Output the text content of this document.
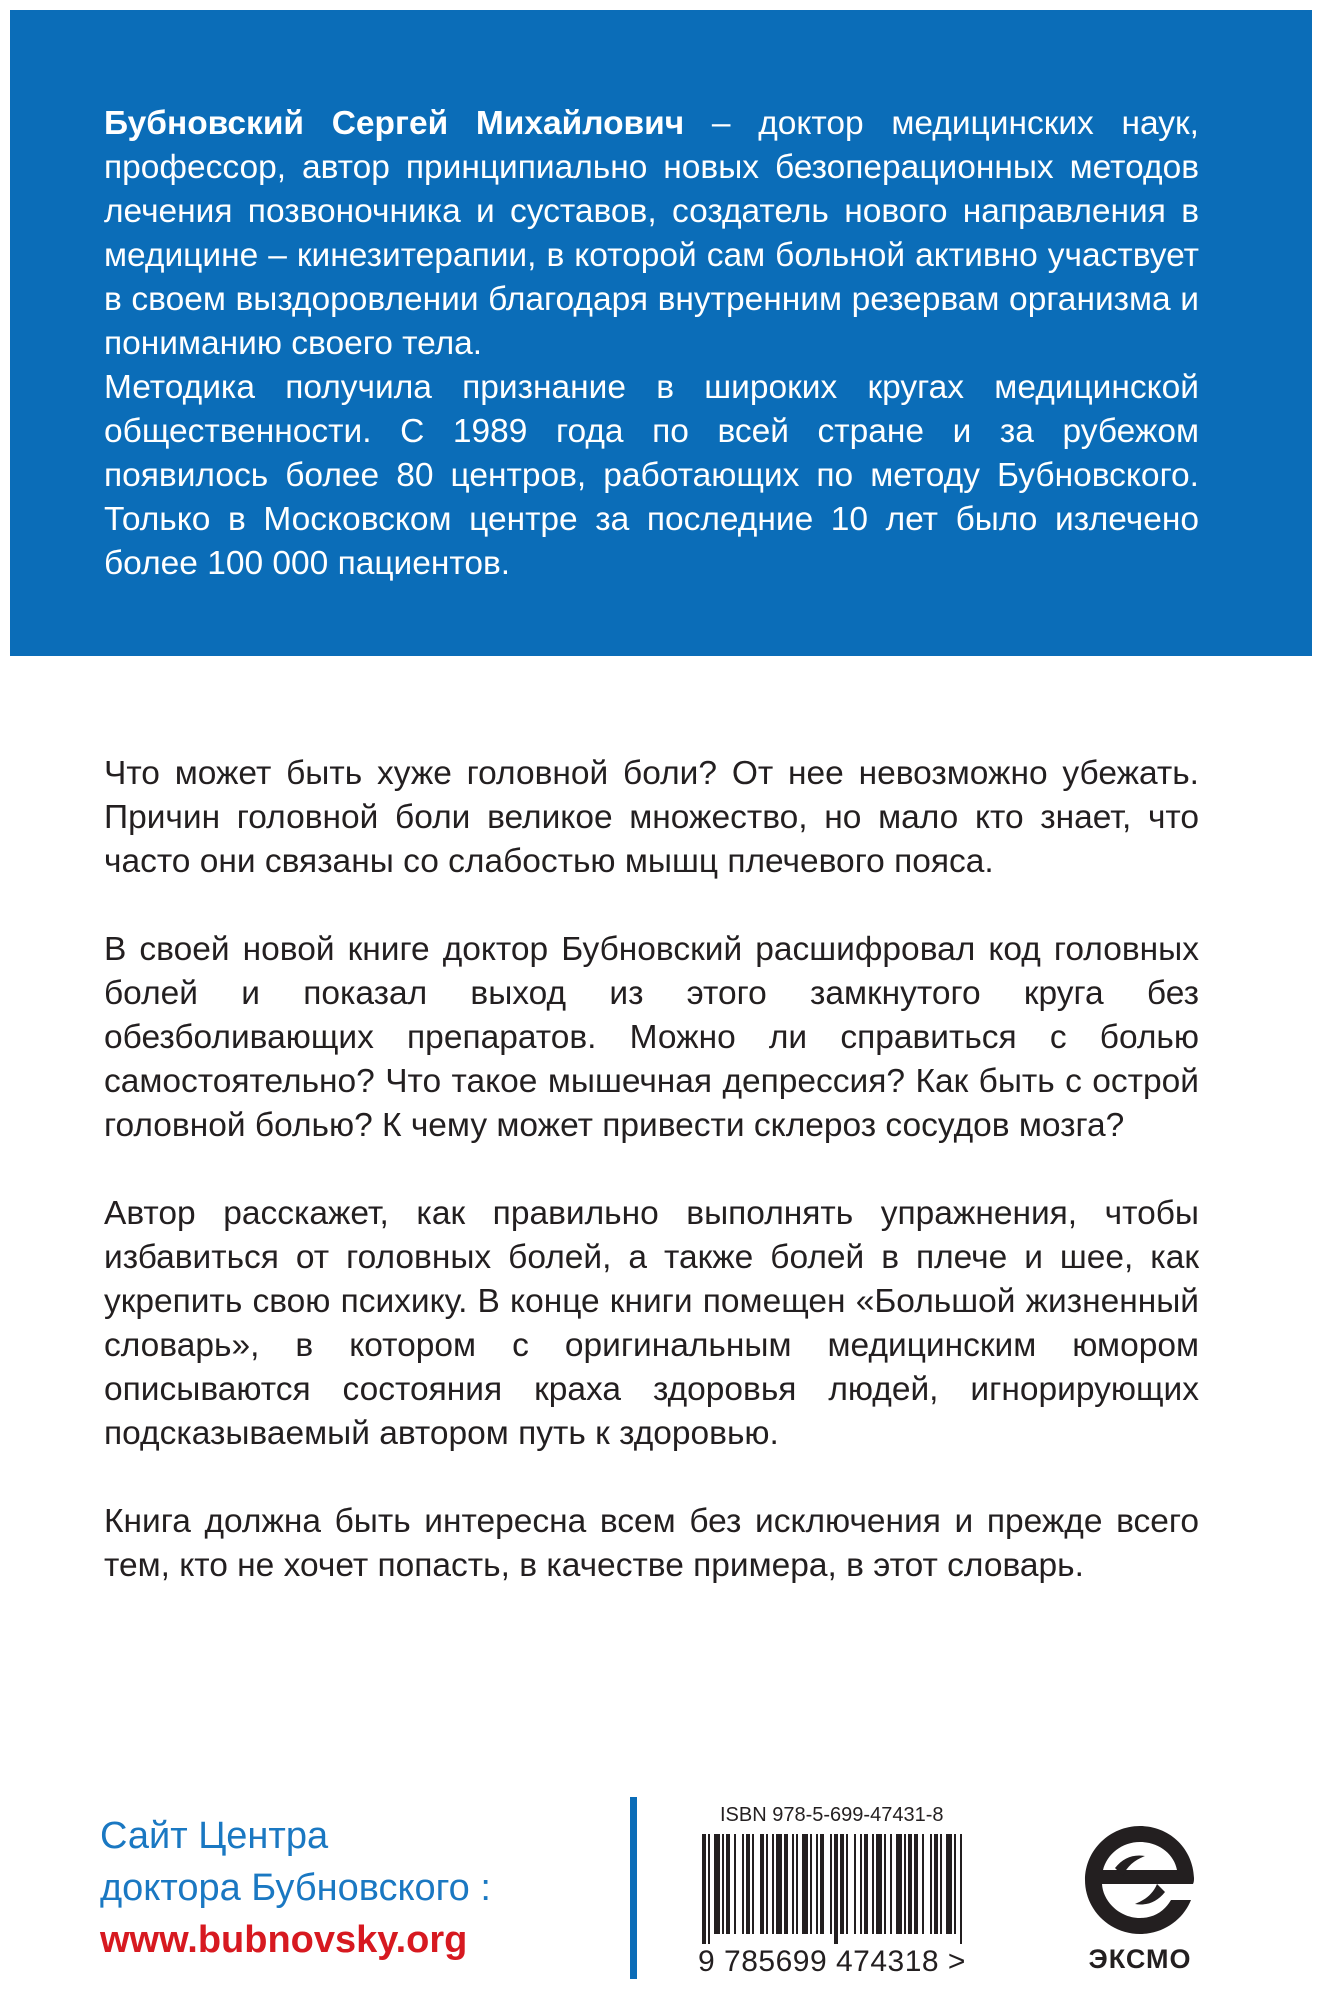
Бубновский Сергей Михайлович – доктор медицинских наук, профессор, автор принципиально новых безоперационных методов лечения позвоночника и суставов, создатель нового направления в медицине – кинезитерапии, в которой сам больной активно участвует в своем выздоровлении благодаря внутренним резервам организма и пониманию своего тела.

Методика получила признание в широких кругах медицинской общественности. С 1989 года по всей стране и за рубежом появилось более 80 центров, работающих по методу Бубновского. Только в Московском центре за последние 10 лет было излечено более 100 000 пациентов.

Что может быть хуже головной боли? От нее невозможно убежать. Причин головной боли великое множество, но мало кто знает, что часто они связаны со слабостью мышц плечевого пояса.

В своей новой книге доктор Бубновский расшифровал код головных болей и показал выход из этого замкнутого круга без обезболивающих препаратов. Можно ли справиться с болью самостоятельно? Что такое мышечная депрессия? Как быть с острой головной болью? К чему может привести склероз сосудов мозга?

Автор расскажет, как правильно выполнять упражнения, чтобы избавиться от головных болей, а также болей в плече и шее, как укрепить свою психику. В конце книги помещен «Большой жизненный словарь», в котором с оригинальным медицинским юмором описываются состояния краха здоровья людей, игнорирующих подсказываемый автором путь к здоровью.

Книга должна быть интересна всем без исключения и прежде всего тем, кто не хочет попасть, в качестве примера, в этот словарь.

Сайт Центра
доктора Бубновского :
www.bubnovsky.org
ISBN 978-5-699-47431-8
9 785699 474318 >	ЭКСМО
